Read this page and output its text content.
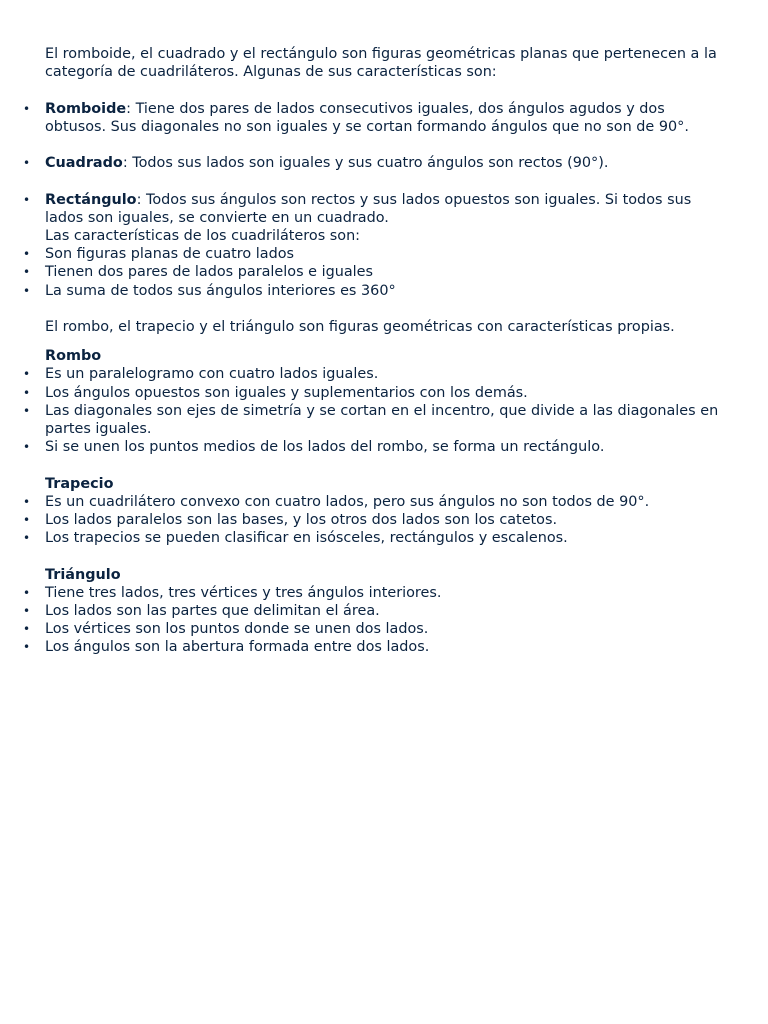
El romboide, el cuadrado y el rectángulo son figuras geométricas planas que pertenecen a la categoría de cuadriláteros. Algunas de sus características son:

• Romboide: Tiene dos pares de lados consecutivos iguales, dos ángulos agudos y dos obtusos. Sus diagonales no son iguales y se cortan formando ángulos que no son de 90°.
• Cuadrado: Todos sus lados son iguales y sus cuatro ángulos son rectos (90°).
• Rectángulo: Todos sus ángulos son rectos y sus lados opuestos son iguales. Si todos sus lados son iguales, se convierte en un cuadrado.

Las características de los cuadriláteros son:

• Son figuras planas de cuatro lados
• Tienen dos pares de lados paralelos e iguales
• La suma de todos sus ángulos interiores es 360°

El rombo, el trapecio y el triángulo son figuras geométricas con características propias.

Rombo

• Es un paralelogramo con cuatro lados iguales.
• Los ángulos opuestos son iguales y suplementarios con los demás.
• Las diagonales son ejes de simetría y se cortan en el incentro, que divide a las diagonales en partes iguales.
• Si se unen los puntos medios de los lados del rombo, se forma un rectángulo.

Trapecio

• Es un cuadrilátero convexo con cuatro lados, pero sus ángulos no son todos de 90°.
• Los lados paralelos son las bases, y los otros dos lados son los catetos.
• Los trapecios se pueden clasificar en isósceles, rectángulos y escalenos.

Triángulo

• Tiene tres lados, tres vértices y tres ángulos interiores.
• Los lados son las partes que delimitan el área.
• Los vértices son los puntos donde se unen dos lados.
• Los ángulos son la abertura formada entre dos lados.
